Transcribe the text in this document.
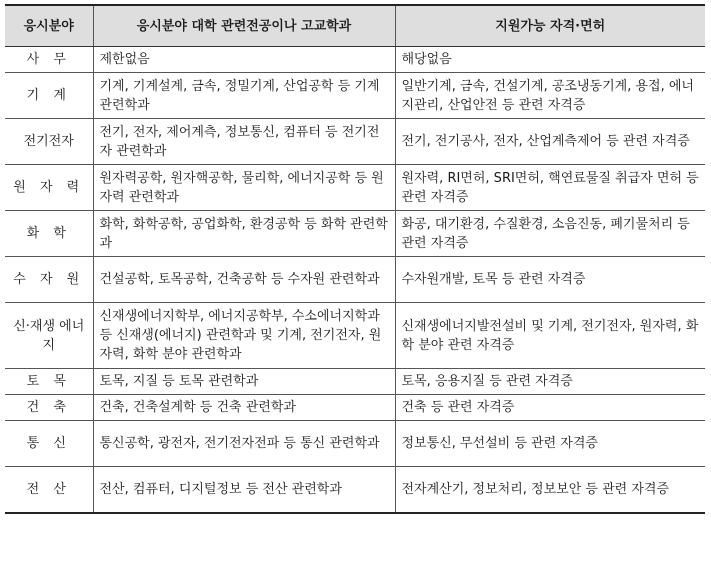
응시분야	응시분야 대학 관련전공이나 고교학과	지원가능 자격·면허
사 무	제한없음	해당없음
기 계	기계, 기계설계, 금속, 정밀기계, 산업공학 등 기계 관련학과	일반기계, 금속, 건설기계, 공조냉동기계, 용접, 에너지관리, 산업안전 등 관련 자격증
전기전자	전기, 전자, 제어계측, 정보통신, 컴퓨터 등 전기전자 관련학과	전기, 전기공사, 전자, 산업계측제어 등 관련 자격증
원 자 력	원자력공학, 원자핵공학, 물리학, 에너지공학 등 원자력 관련학과	원자력, RI면허, SRI면허, 핵연료물질 취급자 면허 등 관련 자격증
화 학	화학, 화학공학, 공업화학, 환경공학 등 화학 관련학과	화공, 대기환경, 수질환경, 소음진동, 폐기물처리 등 관련 자격증
수 자 원	건설공학, 토목공학, 건축공학 등 수자원 관련학과	수자원개발, 토목 등 관련 자격증
신·재생 에너지	신재생에너지학부, 에너지공학부, 수소에너지학과 등 신재생(에너지) 관련학과 및 기계, 전기전자, 원자력, 화학 분야 관련학과	신재생에너지발전설비 및 기계, 전기전자, 원자력, 화학 분야 관련 자격증
토 목	토목, 지질 등 토목 관련학과	토목, 응용지질 등 관련 자격증
건 축	건축, 건축설계학 등 건축 관련학과	건축 등 관련 자격증
통 신	통신공학, 광전자, 전기전자전파 등 통신 관련학과	정보통신, 무선설비 등 관련 자격증
전 산	전산, 컴퓨터, 디지털정보 등 전산 관련학과	전자계산기, 정보처리, 정보보안 등 관련 자격증
